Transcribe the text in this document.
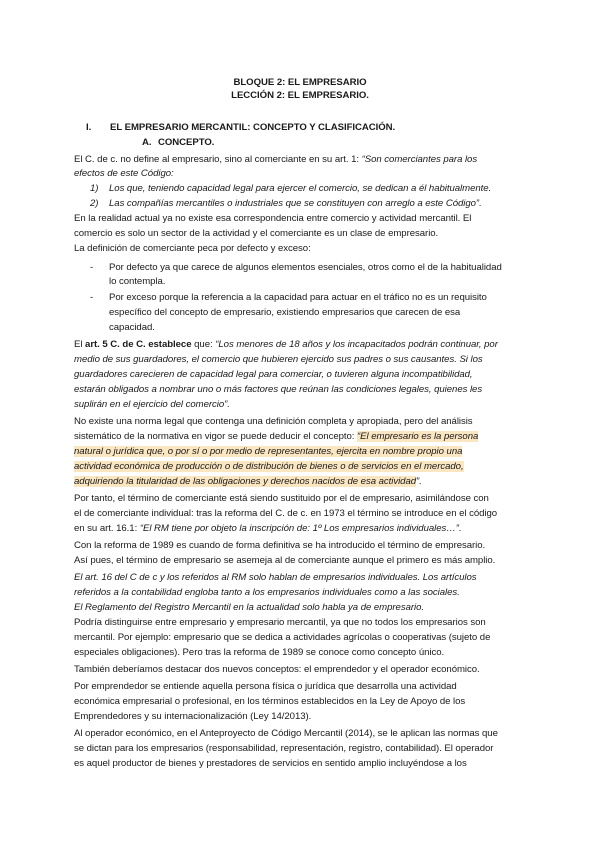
BLOQUE 2: EL EMPRESARIO
LECCIÓN 2: EL EMPRESARIO.
I. EL EMPRESARIO MERCANTIL: CONCEPTO Y CLASIFICACIÓN.
A. CONCEPTO.
El C. de c. no define al empresario, sino al comerciante en su art. 1: “Son comerciantes para los
efectos de este Código:
1) Los que, teniendo capacidad legal para ejercer el comercio, se dedican a él habitualmente.
2) Las compañías mercantiles o industriales que se constituyen con arreglo a este Código”.
En la realidad actual ya no existe esa correspondencia entre comercio y actividad mercantil. El
comercio es solo un sector de la actividad y el comerciante es un clase de empresario.
La definición de comerciante peca por defecto y exceso:
- Por defecto ya que carece de algunos elementos esenciales, otros como el de la habitualidad
lo contempla.
- Por exceso porque la referencia a la capacidad para actuar en el tráfico no es un requisito
específico del concepto de empresario, existiendo empresarios que carecen de esa
capacidad.
El art. 5 C. de C. establece que: “Los menores de 18 años y los incapacitados podrán continuar, por
medio de sus guardadores, el comercio que hubieren ejercido sus padres o sus causantes. Si los
guardadores carecieren de capacidad legal para comerciar, o tuvieren alguna incompatibilidad,
estarán obligados a nombrar uno o más factores que reúnan las condiciones legales, quienes les
suplirán en el ejercicio del comercio”.
No existe una norma legal que contenga una definición completa y apropiada, pero del análisis
sistemático de la normativa en vigor se puede deducir el concepto: “El empresario es la persona
natural o jurídica que, o por sí o por medio de representantes, ejercita en nombre propio una
actividad económica de producción o de distribución de bienes o de servicios en el mercado,
adquiriendo la titularidad de las obligaciones y derechos nacidos de esa actividad”.
Por tanto, el término de comerciante está siendo sustituido por el de empresario, asimilándose con
el de comerciante individual: tras la reforma del C. de c. en 1973 el término se introduce en el código
en su art. 16.1: “El RM tiene por objeto la inscripción de: 1º Los empresarios individuales…”.
Con la reforma de 1989 es cuando de forma definitiva se ha introducido el término de empresario.
Así pues, el término de empresario se asemeja al de comerciante aunque el primero es más amplio.
El art. 16 del C de c y los referidos al RM solo hablan de empresarios individuales. Los artículos
referidos a la contabilidad engloba tanto a los empresarios individuales como a las sociales.
El Reglamento del Registro Mercantil en la actualidad solo habla ya de empresario.
Podría distinguirse entre empresario y empresario mercantil, ya que no todos los empresarios son
mercantil. Por ejemplo: empresario que se dedica a actividades agrícolas o cooperativas (sujeto de
especiales obligaciones). Pero tras la reforma de 1989 se conoce como concepto único.
También deberíamos destacar dos nuevos conceptos: el emprendedor y el operador económico.
Por emprendedor se entiende aquella persona física o jurídica que desarrolla una actividad
económica empresarial o profesional, en los términos establecidos en la Ley de Apoyo de los
Emprendedores y su internacionalización (Ley 14/2013).
Al operador económico, en el Anteproyecto de Código Mercantil (2014), se le aplican las normas que
se dictan para los empresarios (responsabilidad, representación, registro, contabilidad). El operador
es aquel productor de bienes y prestadores de servicios en sentido amplio incluyéndose a los
